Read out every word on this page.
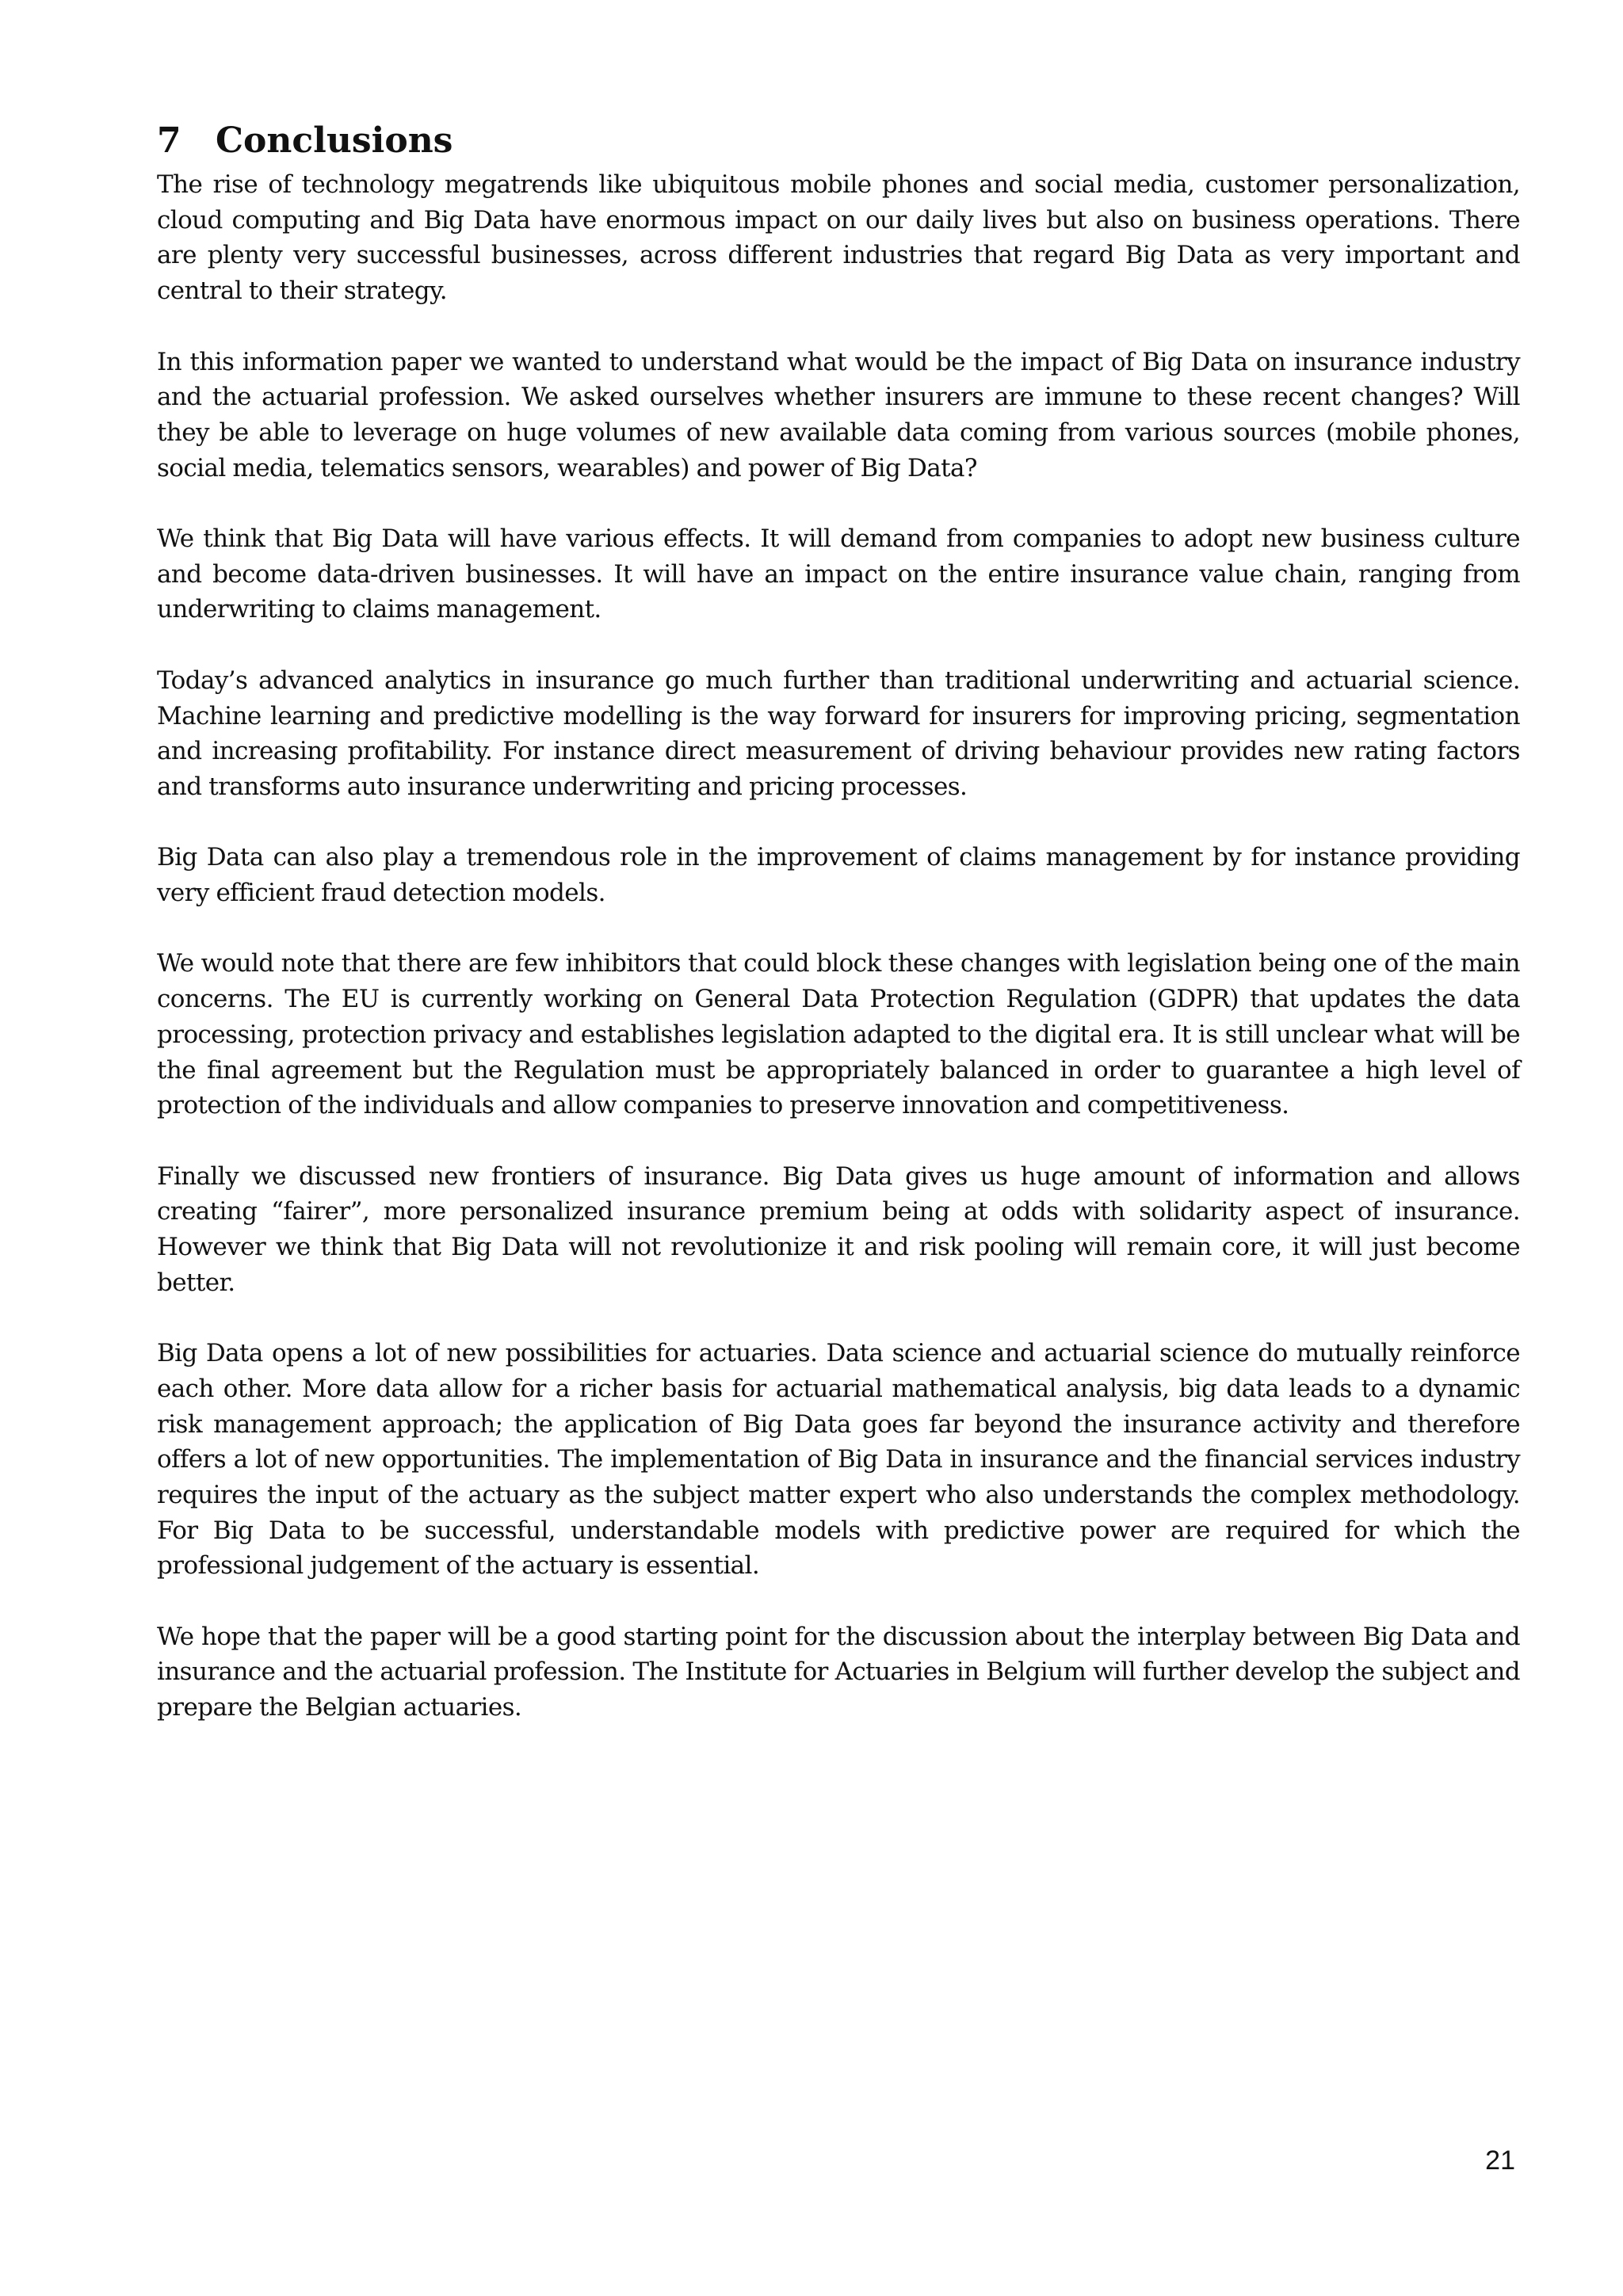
7 Conclusions

The rise of technology megatrends like ubiquitous mobile phones and social media, customer personalization, cloud computing and Big Data have enormous impact on our daily lives but also on business operations. There are plenty very successful businesses, across different industries that regard Big Data as very important and central to their strategy.

In this information paper we wanted to understand what would be the impact of Big Data on insurance industry and the actuarial profession. We asked ourselves whether insurers are immune to these recent changes? Will they be able to leverage on huge volumes of new available data coming from various sources (mobile phones, social media, telematics sensors, wearables) and power of Big Data?

We think that Big Data will have various effects. It will demand from companies to adopt new business culture and become data-driven businesses. It will have an impact on the entire insurance value chain, ranging from underwriting to claims management.

Today’s advanced analytics in insurance go much further than traditional underwriting and actuarial science. Machine learning and predictive modelling is the way forward for insurers for improving pricing, segmentation and increasing profitability. For instance direct measurement of driving behaviour provides new rating factors and transforms auto insurance underwriting and pricing processes.

Big Data can also play a tremendous role in the improvement of claims management by for instance providing very efficient fraud detection models.

We would note that there are few inhibitors that could block these changes with legislation being one of the main concerns. The EU is currently working on General Data Protection Regulation (GDPR) that updates the data processing, protection privacy and establishes legislation adapted to the digital era. It is still unclear what will be the final agreement but the Regulation must be appropriately balanced in order to guarantee a high level of protection of the individuals and allow companies to preserve innovation and competitiveness.

Finally we discussed new frontiers of insurance. Big Data gives us huge amount of information and allows creating “fairer”, more personalized insurance premium being at odds with solidarity aspect of insurance. However we think that Big Data will not revolutionize it and risk pooling will remain core, it will just become better.

Big Data opens a lot of new possibilities for actuaries. Data science and actuarial science do mutually reinforce each other. More data allow for a richer basis for actuarial mathematical analysis, big data leads to a dynamic risk management approach; the application of Big Data goes far beyond the insurance activity and therefore offers a lot of new opportunities. The implementation of Big Data in insurance and the financial services industry requires the input of the actuary as the subject matter expert who also understands the complex methodology. For Big Data to be successful, understandable models with predictive power are required for which the professional judgement of the actuary is essential.

We hope that the paper will be a good starting point for the discussion about the interplay between Big Data and insurance and the actuarial profession. The Institute for Actuaries in Belgium will further develop the subject and prepare the Belgian actuaries.

21
